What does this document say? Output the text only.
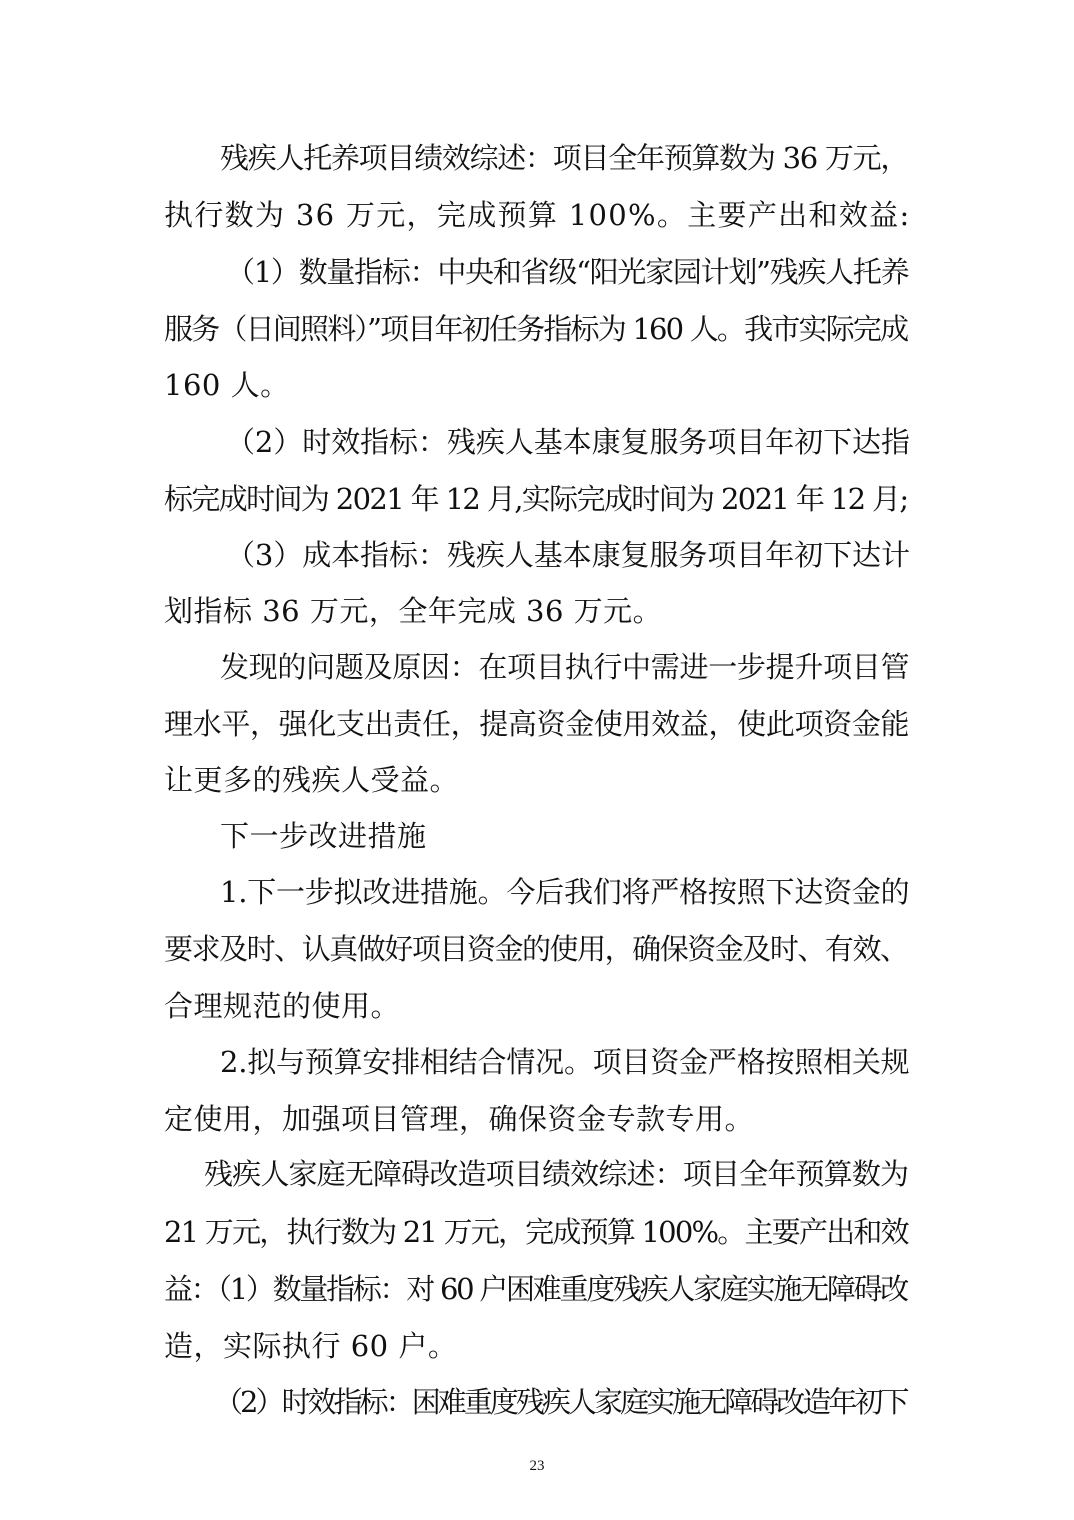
残疾人托养项目绩效综述：项目全年预算数为 36 万元，
执行数为 36 万元，完成预算 100%。主要产出和效益:
（1）数量指标：中央和省级“阳光家园计划”残疾人托养
服务（日间照料）”项目年初任务指标为 160 人。我市实际完成
160 人。
（2）时效指标：残疾人基本康复服务项目年初下达指
标完成时间为 2021 年 12 月,实际完成时间为 2021 年 12 月;
（3）成本指标：残疾人基本康复服务项目年初下达计
划指标 36 万元，全年完成 36 万元。
发现的问题及原因：在项目执行中需进一步提升项目管
理水平，强化支出责任，提高资金使用效益，使此项资金能
让更多的残疾人受益。
下一步改进措施
1.下一步拟改进措施。今后我们将严格按照下达资金的
要求及时、认真做好项目资金的使用，确保资金及时、有效、
合理规范的使用。
2.拟与预算安排相结合情况。项目资金严格按照相关规
定使用，加强项目管理，确保资金专款专用。
残疾人家庭无障碍改造项目绩效综述：项目全年预算数为
21 万元，执行数为 21 万元，完成预算 100%。主要产出和效
益：（1）数量指标：对 60 户困难重度残疾人家庭实施无障碍改
造，实际执行 60 户。
（2）时效指标：困难重度残疾人家庭实施无障碍改造年初下
23
